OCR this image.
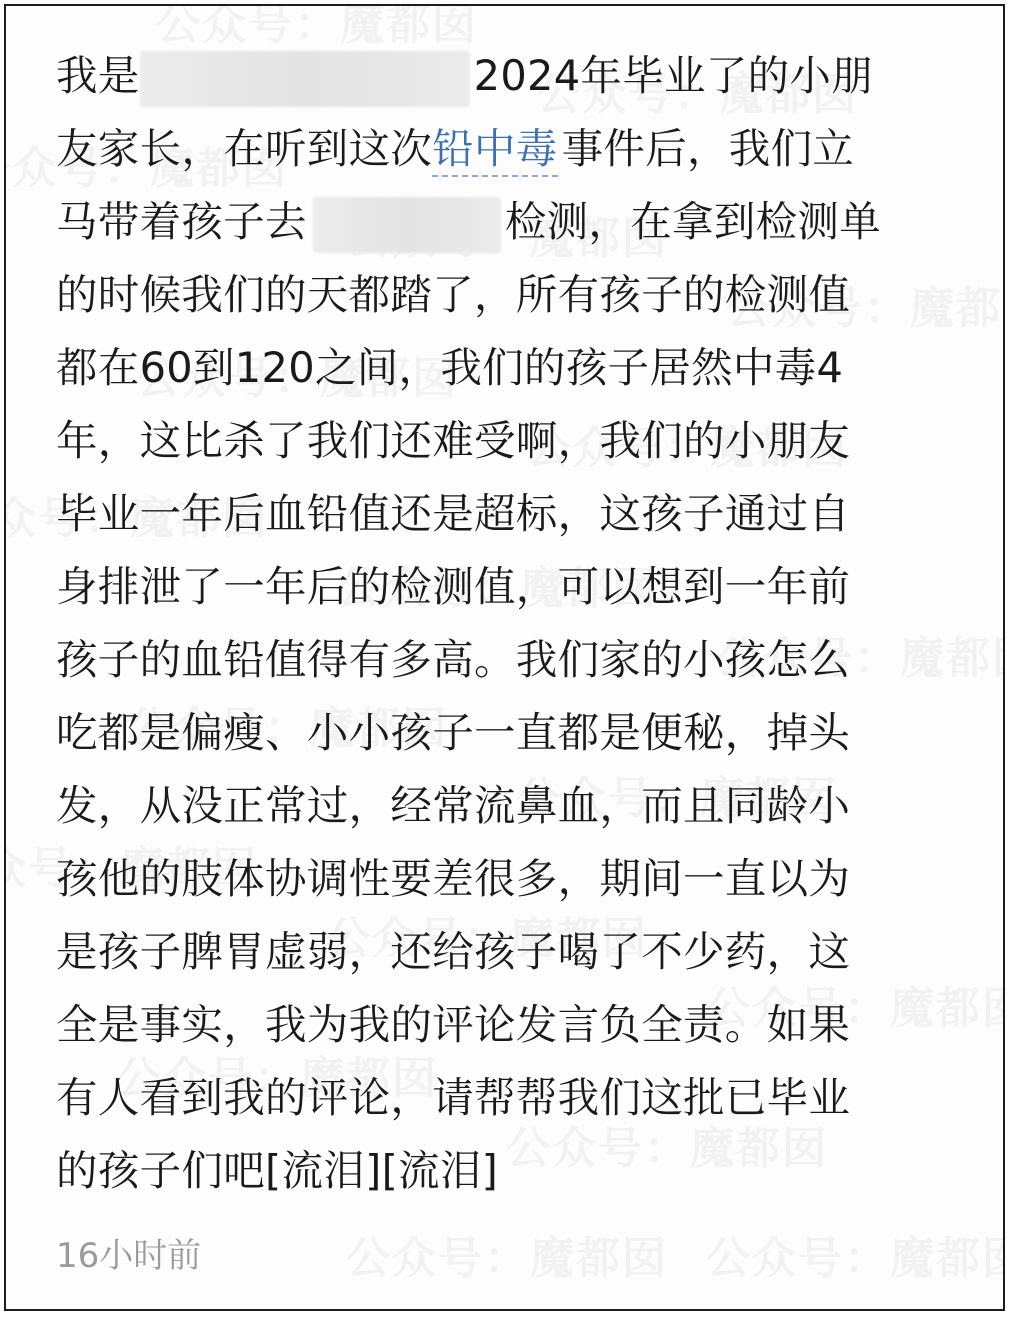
我是	2024年毕业了的小朋
友家长，在听到这次铅中毒事件后，我们立
马带着孩子去	检测，在拿到检测单
的时候我们的天都踏了，所有孩子的检测值
都在60到120之间，我们的孩子居然中毒4
年，这比杀了我们还难受啊，我们的小朋友
毕业一年后血铅值还是超标，这孩子通过自
身排泄了一年后的检测值，可以想到一年前
孩子的血铅值得有多高。我们家的小孩怎么
吃都是偏瘦、小小孩子一直都是便秘，掉头
发，从没正常过，经常流鼻血，而且同龄小
孩他的肢体协调性要差很多，期间一直以为
是孩子脾胃虚弱，还给孩子喝了不少药，这
全是事实，我为我的评论发言负全责。如果
有人看到我的评论，请帮帮我们这批已毕业
的孩子们吧[流泪][流泪]
16小时前
